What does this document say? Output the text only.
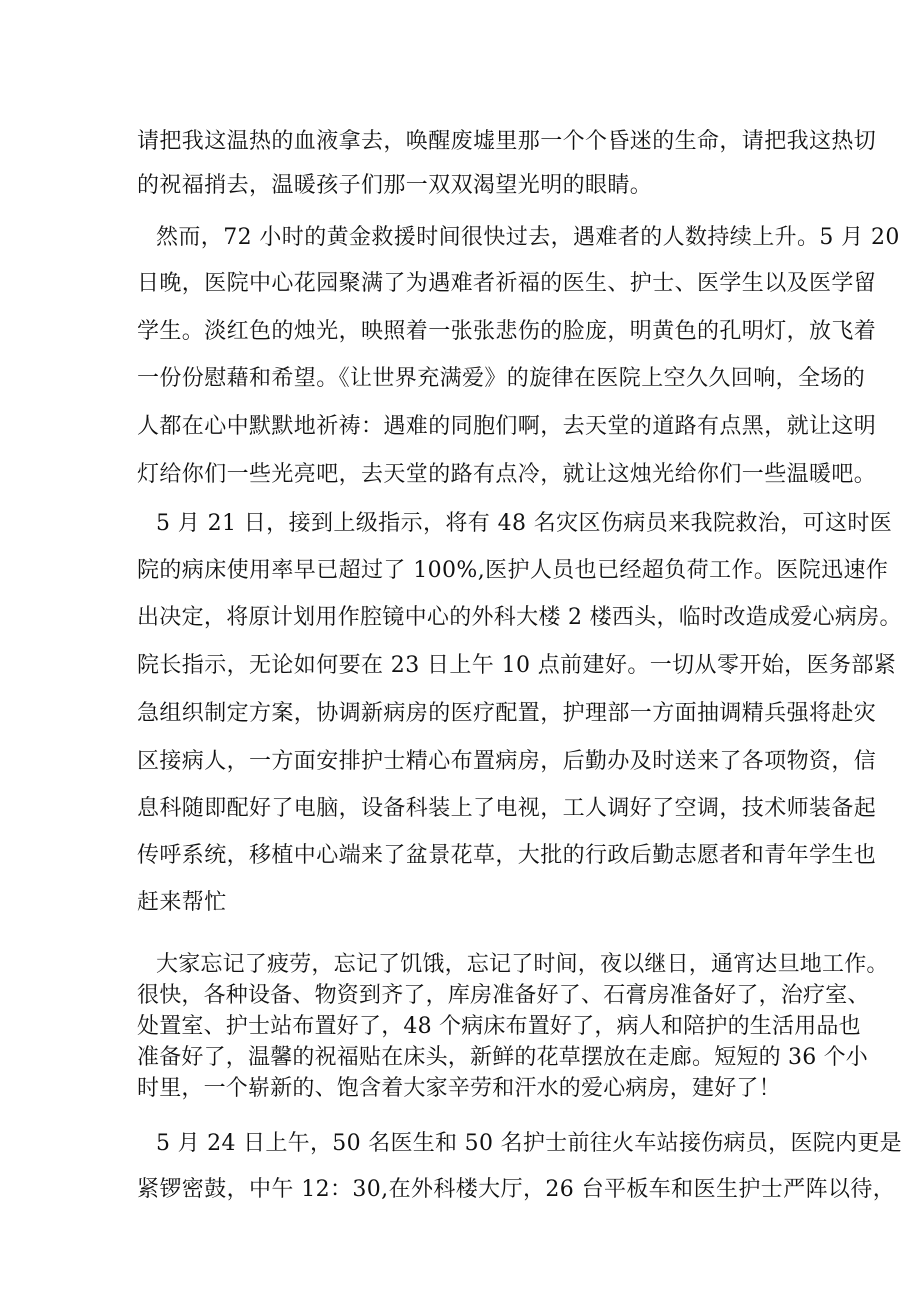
请把我这温热的血液拿去，唤醒废墟里那一个个昏迷的生命，请把我这热切
的祝福捎去，温暖孩子们那一双双渴望光明的眼睛。
然而，72 小时的黄金救援时间很快过去，遇难者的人数持续上升。5 月 20
日晚，医院中心花园聚满了为遇难者祈福的医生、护士、医学生以及医学留
学生。淡红色的烛光，映照着一张张悲伤的脸庞，明黄色的孔明灯，放飞着
一份份慰藉和希望。《让世界充满爱》的旋律在医院上空久久回响，全场的
人都在心中默默地祈祷：遇难的同胞们啊，去天堂的道路有点黑，就让这明
灯给你们一些光亮吧，去天堂的路有点冷，就让这烛光给你们一些温暖吧。
5 月 21 日，接到上级指示，将有 48 名灾区伤病员来我院救治，可这时医
院的病床使用率早已超过了 100%,医护人员也已经超负荷工作。医院迅速作
出决定，将原计划用作腔镜中心的外科大楼 2 楼西头，临时改造成爱心病房。
院长指示，无论如何要在 23 日上午 10 点前建好。一切从零开始，医务部紧
急组织制定方案，协调新病房的医疗配置，护理部一方面抽调精兵强将赴灾
区接病人，一方面安排护士精心布置病房，后勤办及时送来了各项物资，信
息科随即配好了电脑，设备科装上了电视，工人调好了空调，技术师装备起
传呼系统，移植中心端来了盆景花草，大批的行政后勤志愿者和青年学生也
赶来帮忙
大家忘记了疲劳，忘记了饥饿，忘记了时间，夜以继日，通宵达旦地工作。
很快，各种设备、物资到齐了，库房准备好了、石膏房准备好了，治疗室、
处置室、护士站布置好了，48 个病床布置好了，病人和陪护的生活用品也
准备好了，温馨的祝福贴在床头，新鲜的花草摆放在走廊。短短的 36 个小
时里，一个崭新的、饱含着大家辛劳和汗水的爱心病房，建好了！
5 月 24 日上午，50 名医生和 50 名护士前往火车站接伤病员，医院内更是
紧锣密鼓，中午 12：30,在外科楼大厅，26 台平板车和医生护士严阵以待，
